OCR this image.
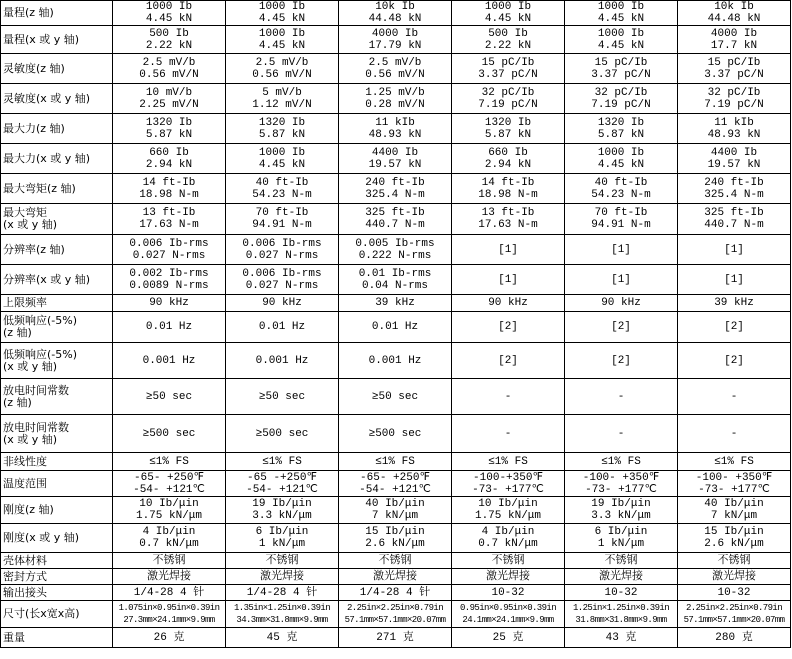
量程(z 轴)	1000 Ib
4.45 kN	1000 Ib
4.45 kN	10k Ib
44.48 kN	1000 Ib
4.45 kN	1000 Ib
4.45 kN	10k Ib
44.48 kN

量程(x 或 y 轴)	500 Ib
2.22 kN	1000 Ib
4.45 kN	4000 Ib
17.79 kN	500 Ib
2.22 kN	1000 Ib
4.45 kN	4000 Ib
17.7 kN

灵敏度(z 轴)	2.5 mV/b
0.56 mV/N	2.5 mV/b
0.56 mV/N	2.5 mV/b
0.56 mV/N	15 pC/Ib
3.37 pC/N	15 pC/Ib
3.37 pC/N	15 pC/Ib
3.37 pC/N

灵敏度(x 或 y 轴)	10 mV/b
2.25 mV/N	5 mV/b
1.12 mV/N	1.25 mV/b
0.28 mV/N	32 pC/Ib
7.19 pC/N	32 pC/Ib
7.19 pC/N	32 pC/Ib
7.19 pC/N

最大力(z 轴)	1320 Ib
5.87 kN	1320 Ib
5.87 kN	11 kIb
48.93 kN	1320 Ib
5.87 kN	1320 Ib
5.87 kN	11 kIb
48.93 kN

最大力(x 或 y 轴)	660 Ib
2.94 kN	1000 Ib
4.45 kN	4400 Ib
19.57 kN	660 Ib
2.94 kN	1000 Ib
4.45 kN	4400 Ib
19.57 kN

最大弯矩(z 轴)	14 ft-Ib
18.98 N-m	40 ft-Ib
54.23 N-m	240 ft-Ib
325.4 N-m	14 ft-Ib
18.98 N-m	40 ft-Ib
54.23 N-m	240 ft-Ib
325.4 N-m

最大弯矩
(x 或 y 轴)	13 ft-Ib
17.63 N-m	70 ft-Ib
94.91 N-m	325 ft-Ib
440.7 N-m	13 ft-Ib
17.63 N-m	70 ft-Ib
94.91 N-m	325 ft-Ib
440.7 N-m

分辨率(z 轴)	0.006 Ib-rms
0.027 N-rms	0.006 Ib-rms
0.027 N-rms	0.005 Ib-rms
0.222 N-rms	[1]	[1]	[1]

分辨率(x 或 y 轴)	0.002 Ib-rms
0.0089 N-rms	0.006 Ib-rms
0.027 N-rms	0.01 Ib-rms
0.04 N-rms	[1]	[1]	[1]

上限频率	90 kHz	90 kHz	39 kHz	90 kHz	90 kHz	39 kHz

低频响应(-5%)
(z 轴)	0.01 Hz	0.01 Hz	0.01 Hz	[2]	[2]	[2]

低频响应(-5%)
(x 或 y 轴)	0.001 Hz	0.001 Hz	0.001 Hz	[2]	[2]	[2]

放电时间常数
(z 轴)	≥50 sec	≥50 sec	≥50 sec	-	-	-

放电时间常数
(x 或 y 轴)	≥500 sec	≥500 sec	≥500 sec	-	-	-

非线性度	≤1% FS	≤1% FS	≤1% FS	≤1% FS	≤1% FS	≤1% FS

温度范围	-65- +250℉
-54- +121℃	-65 -+250℉
-54- +121℃	-65- +250℉
-54- +121℃	-100-+350℉
-73- +177℃	-100- +350℉
-73- +177℃	-100- +350℉
-73- +177℃

刚度(z 轴)	10 Ib/μin
1.75 kN/μm	19 Ib/μin
3.3 kN/μm	40 Ib/μin
7 kN/μm	10 Ib/μin
1.75 kN/μm	19 Ib/μin
3.3 kN/μm	40 Ib/μin
7 kN/μm

刚度(x 或 y 轴)	4 Ib/μin
0.7 kN/μm	6 Ib/μin
1 kN/μm	15 Ib/μin
2.6 kN/μm	4 Ib/μin
0.7 kN/μm	6 Ib/μin
1 kN/μm	15 Ib/μin
2.6 kN/μm

壳体材料	不锈钢	不锈钢	不锈钢	不锈钢	不锈钢	不锈钢

密封方式	激光焊接	激光焊接	激光焊接	激光焊接	激光焊接	激光焊接

输出接头	1/4-28 4 针	1/4-28 4 针	1/4-28 4 针	10-32	10-32	10-32

尺寸(长x宽x高)	1.075in×0.95in×0.39in
27.3mm×24.1mm×9.9mm	1.35in×1.25in×0.39in
34.3mm×31.8mm×9.9mm	2.25in×2.25in×0.79in
57.1mm×57.1mm×20.07mm	0.95in×0.95in×0.39in
24.1mm×24.1mm×9.9mm	1.25in×1.25in×0.39in
31.8mm×31.8mm×9.9mm	2.25in×2.25in×0.79in
57.1mm×57.1mm×20.07mm

重量	26 克	45 克	271 克	25 克	43 克	280 克
